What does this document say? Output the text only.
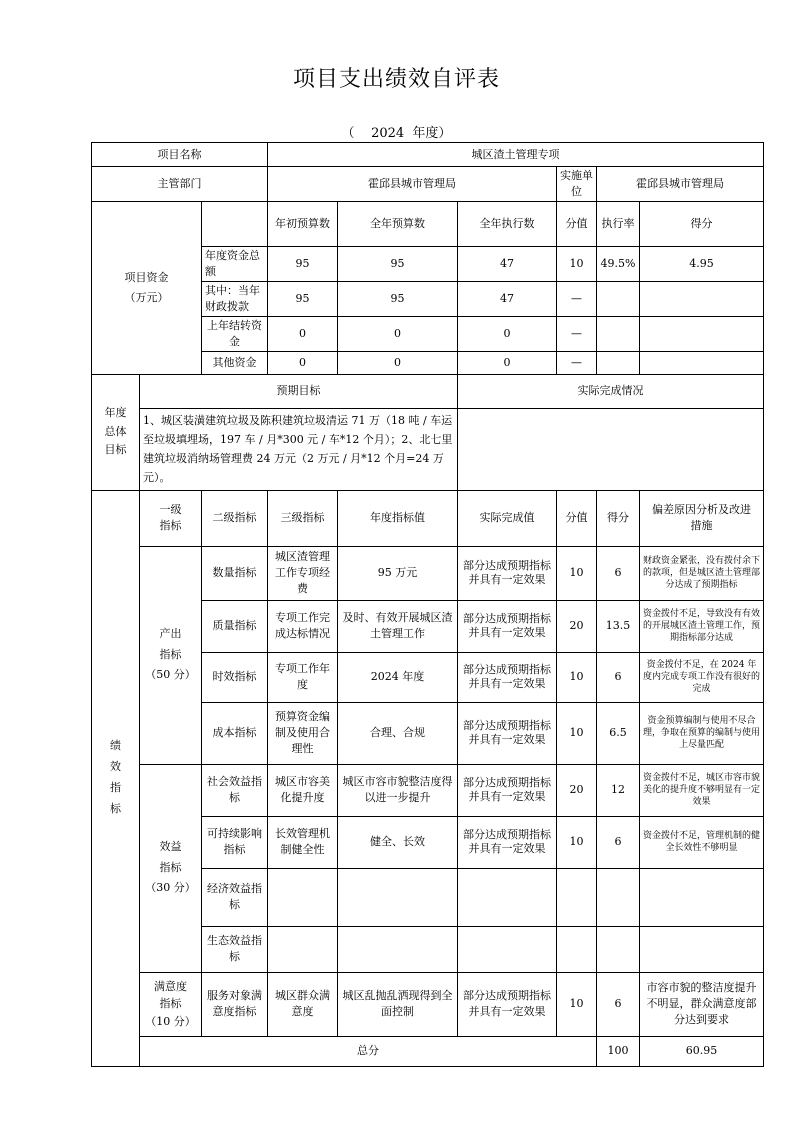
项目支出绩效自评表
（    2024  年度）
项目名称			城区渣土管理专项						
主管部门			霍邱县城市管理局			实施单位	霍邱县城市管理局		
项目资金
（万元）			年初预算数	全年预算数	全年执行数	分值	执行率	得分	
		年度资金总额	95	95	47	10	49.5%	4.95	
		其中：当年财政拨款	95	95	47	—			
		上年结转资金	0	0	0	—			
		其他资金	0	0	0	—			
年度
总体
目标	预期目标				实际完成情况				
	1、城区装潢建筑垃圾及陈积建筑垃圾清运 71 万（18 吨 / 车运至垃圾填埋场，197 车 / 月*300 元 / 车*12 个月）；2、北七里建筑垃圾消纳场管理费 24 万元（2 万元 / 月*12 个月=24 万元）。								
绩
效
指
标	一级
指标	二级指标	三级指标	年度指标值	实际完成值	分值	得分	偏差原因分析及改进
措施	
	产出
指标
（50 分）	数量指标	城区渣管理工作专项经费	95 万元	部分达成预期指标并具有一定效果	10	6	财政资金紧张，没有拨付余下的款项，但是城区渣土管理部分达成了预期指标	
		质量指标	专项工作完成达标情况	及时、有效开展城区渣土管理工作	部分达成预期指标并具有一定效果	20	13.5	资金拨付不足，导致没有有效的开展城区渣土管理工作，预期指标部分达成	
		时效指标	专项工作年度	2024 年度	部分达成预期指标并具有一定效果	10	6	资金拨付不足，在 2024 年度内完成专项工作没有很好的完成	
		成本指标	预算资金编制及使用合理性	合理、合规	部分达成预期指标并具有一定效果	10	6.5	资金预算编制与使用不尽合理，争取在预算的编制与使用上尽量匹配	
	效益
指标
（30 分）	社会效益指标	城区市容美化提升度	城区市容市貌整洁度得以进一步提升	部分达成预期指标并具有一定效果	20	12	资金拨付不足，城区市容市貌美化的提升度不够明显有一定效果	
		可持续影响指标	长效管理机制健全性	健全、长效	部分达成预期指标并具有一定效果	10	6	资金拨付不足，管理机制的健全长效性不够明显	
		经济效益指标							
		生态效益指标							
	满意度
指标
（10 分）	服务对象满意度指标	城区群众满意度	城区乱抛乱洒现得到全面控制	部分达成预期指标并具有一定效果	10	6	市容市貌的整洁度提升不明显，群众满意度部分达到要求	
	总分						100	60.95	
